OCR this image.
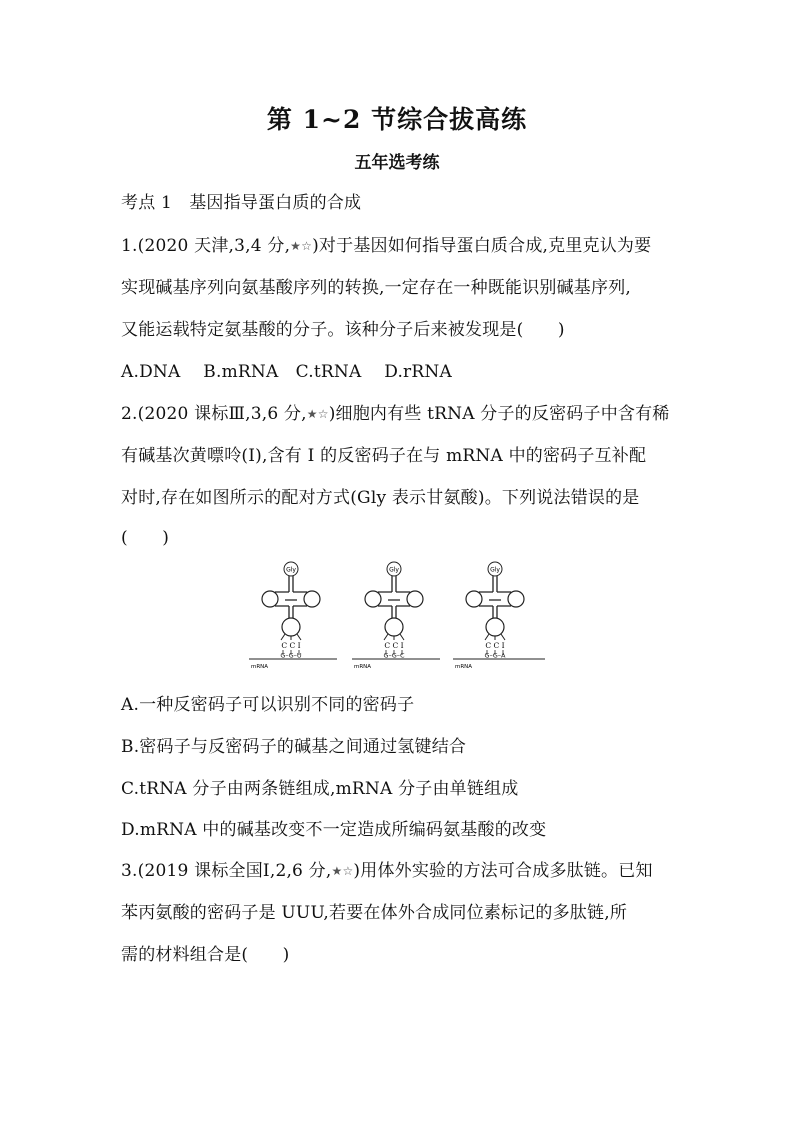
第 1~2 节综合拔高练
五年选考练
考点 1　基因指导蛋白质的合成
1.(2020 天津,3,4 分,★☆)对于基因如何指导蛋白质合成,克里克认为要
实现碱基序列向氨基酸序列的转换,一定存在一种既能识别碱基序列,
又能运载特定氨基酸的分子。该种分子后来被发现是(　　)
A.DNA　 B.mRNA　C.tRNA　 D.rRNA
2.(2020 课标Ⅲ,3,6 分,★☆)细胞内有些 tRNA 分子的反密码子中含有稀
有碱基次黄嘌呤(I),含有 I 的反密码子在与 mRNA 中的密码子互补配
对时,存在如图所示的配对方式(Gly 表示甘氨酸)。下列说法错误的是
(　　)
Gly
C C I
G–G–U
mRNA
Gly
C C I
G–G–C
mRNA
Gly
C C I
G–G–A
mRNA
A.一种反密码子可以识别不同的密码子
B.密码子与反密码子的碱基之间通过氢键结合
C.tRNA 分子由两条链组成,mRNA 分子由单链组成
D.mRNA 中的碱基改变不一定造成所编码氨基酸的改变
3.(2019 课标全国Ⅰ,2,6 分,★☆)用体外实验的方法可合成多肽链。已知
苯丙氨酸的密码子是 UUU,若要在体外合成同位素标记的多肽链,所
需的材料组合是(　　)
